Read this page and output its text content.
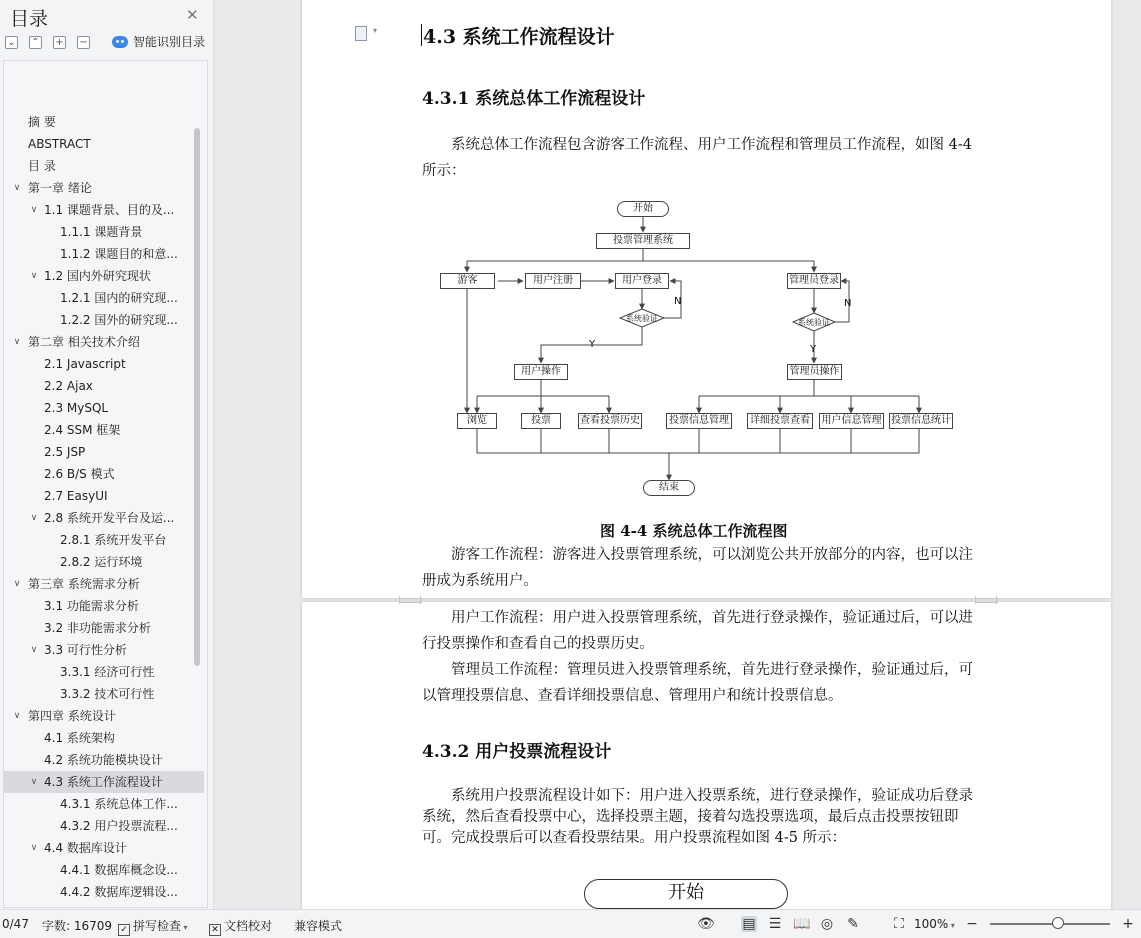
目录	✕
⌄ ⌃ + −	智能识别目录
摘 要
ABSTRACT
目 录
∨ 第一章 绪论
∨ 1.1 课题背景、目的及...
1.1.1 课题背景
1.1.2 课题目的和意...
∨ 1.2 国内外研究现状
1.2.1 国内的研究现...
1.2.2 国外的研究现...
∨ 第二章 相关技术介绍
2.1 Javascript
2.2 Ajax
2.3 MySQL
2.4 SSM 框架
2.5 JSP
2.6 B/S 模式
2.7 EasyUI
∨ 2.8 系统开发平台及运...
2.8.1 系统开发平台
2.8.2 运行环境
∨ 第三章 系统需求分析
3.1 功能需求分析
3.2 非功能需求分析
∨ 3.3 可行性分析
3.3.1 经济可行性
3.3.2 技术可行性
∨ 第四章 系统设计
4.1 系统架构
4.2 系统功能模块设计
∨ 4.3 系统工作流程设计
4.3.1 系统总体工作...
4.3.2 用户投票流程...
∨ 4.4 数据库设计
4.4.1 数据库概念设...
4.4.2 数据库逻辑设...
▾
4.3 系统工作流程设计
4.3.1 系统总体工作流程设计
系统总体工作流程包含游客工作流程、用户工作流程和管理员工作流程，如图 4-4 所示：
开始
投票管理系统
游客	用户注册	用户登录	管理员登录
系统验证	系统验证
N	N
Y	Y
用户操作	管理员操作
浏览	投票	查看投票历史	投票信息管理	详细投票查看	用户信息管理 投票信息统计
结束
图 4-4 系统总体工作流程图
游客工作流程：游客进入投票管理系统，可以浏览公共开放部分的内容，也可以注册成为系统用户。
用户工作流程：用户进入投票管理系统，首先进行登录操作，验证通过后，可以进行投票操作和查看自己的投票历史。
管理员工作流程：管理员进入投票管理系统，首先进行登录操作，验证通过后，可以管理投票信息、查看详细投票信息、管理用户和统计投票信息。
4.3.2 用户投票流程设计
系统用户投票流程设计如下：用户进入投票系统，进行登录操作，验证成功后登录系统，然后查看投票中心，选择投票主题，接着勾选投票选项，最后点击投票按钮即可。完成投票后可以查看投票结果。用户投票流程如图 4-5 所示：
开始
0/47 字数: 16709 ✓ 拼写检查 ▾	✕ 文档校对 兼容模式	👁 ▤ ☰ 📖 ◎ ✎	⛶ 100% ▾ −	+
